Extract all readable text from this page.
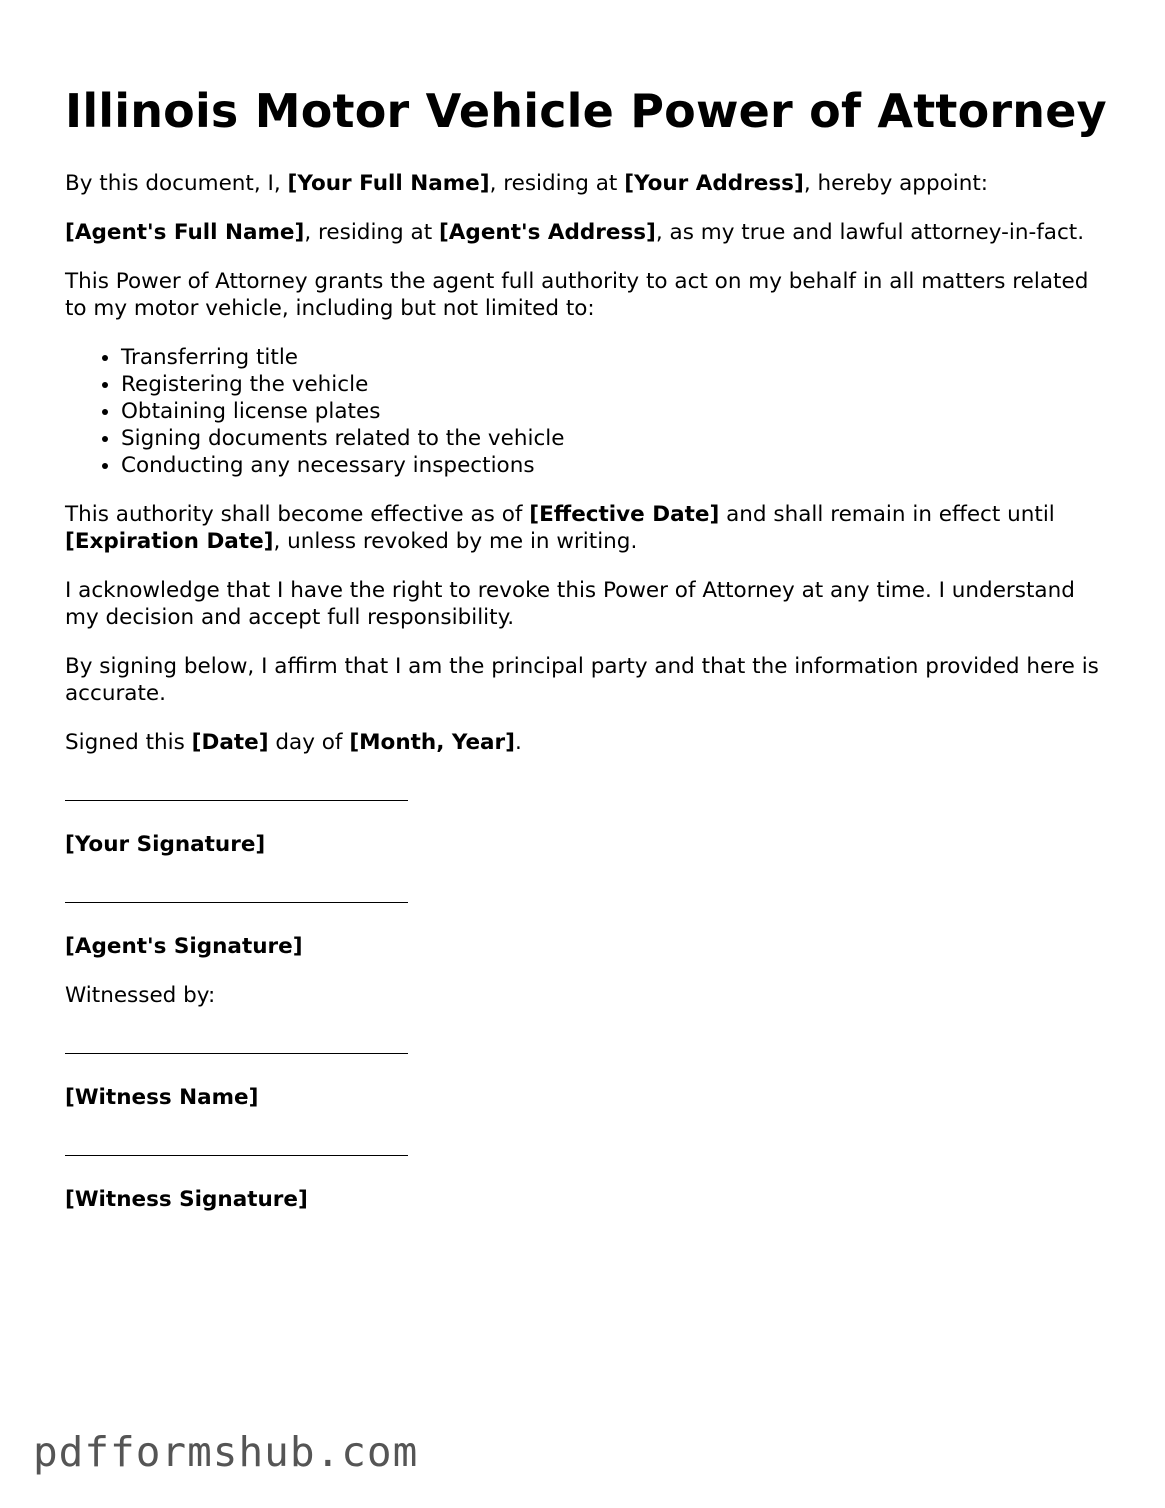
Illinois Motor Vehicle Power of Attorney

By this document, I, [Your Full Name], residing at [Your Address], hereby appoint:

[Agent's Full Name], residing at [Agent's Address], as my true and lawful attorney-in-fact.

This Power of Attorney grants the agent full authority to act on my behalf in all matters related to my motor vehicle, including but not limited to:

• Transferring title
• Registering the vehicle
• Obtaining license plates
• Signing documents related to the vehicle
• Conducting any necessary inspections

This authority shall become effective as of [Effective Date] and shall remain in effect until [Expiration Date], unless revoked by me in writing.

I acknowledge that I have the right to revoke this Power of Attorney at any time. I understand my decision and accept full responsibility.

By signing below, I affirm that I am the principal party and that the information provided here is accurate.

Signed this [Date] day of [Month, Year].

[Your Signature]
[Agent's Signature]

Witnessed by:

[Witness Name]
[Witness Signature]
pdfformshub.com
